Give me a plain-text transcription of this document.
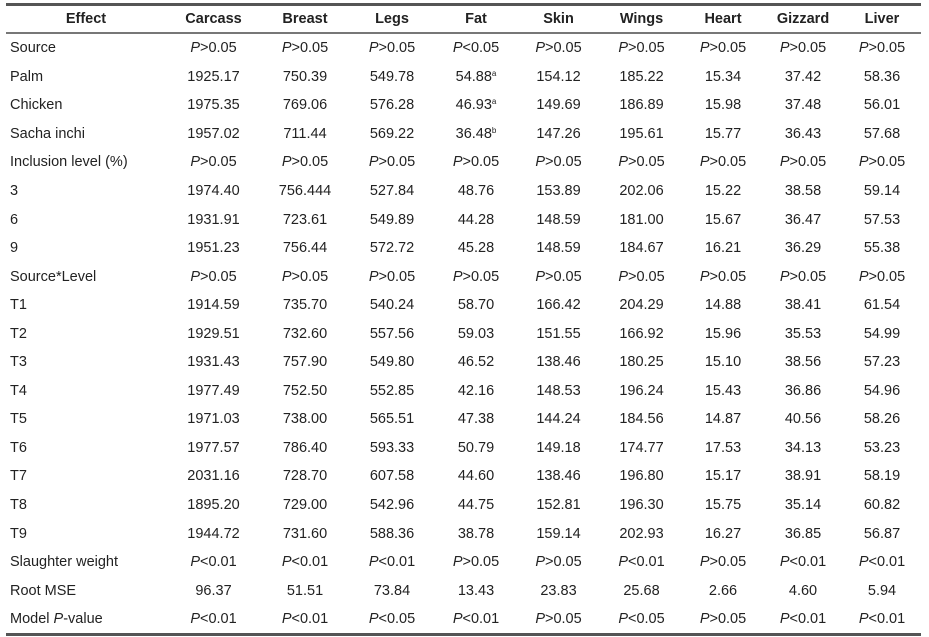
Effect	Carcass	Breast	Legs	Fat	Skin	Wings	Heart	Gizzard	Liver
Source	P>0.05	P>0.05	P>0.05	P<0.05	P>0.05	P>0.05	P>0.05	P>0.05	P>0.05
Palm	1925.17	750.39	549.78	54.88$^a$	154.12	185.22	15.34	37.42	58.36
Chicken	1975.35	769.06	576.28	46.93$^a$	149.69	186.89	15.98	37.48	56.01
Sacha inchi	1957.02	711.44	569.22	36.48$^b$	147.26	195.61	15.77	36.43	57.68
Inclusion level (%)	P>0.05	P>0.05	P>0.05	P>0.05	P>0.05	P>0.05	P>0.05	P>0.05	P>0.05
3	1974.40	756.444	527.84	48.76	153.89	202.06	15.22	38.58	59.14
6	1931.91	723.61	549.89	44.28	148.59	181.00	15.67	36.47	57.53
9	1951.23	756.44	572.72	45.28	148.59	184.67	16.21	36.29	55.38
Source*Level	P>0.05	P>0.05	P>0.05	P>0.05	P>0.05	P>0.05	P>0.05	P>0.05	P>0.05
T1	1914.59	735.70	540.24	58.70	166.42	204.29	14.88	38.41	61.54
T2	1929.51	732.60	557.56	59.03	151.55	166.92	15.96	35.53	54.99
T3	1931.43	757.90	549.80	46.52	138.46	180.25	15.10	38.56	57.23
T4	1977.49	752.50	552.85	42.16	148.53	196.24	15.43	36.86	54.96
T5	1971.03	738.00	565.51	47.38	144.24	184.56	14.87	40.56	58.26
T6	1977.57	786.40	593.33	50.79	149.18	174.77	17.53	34.13	53.23
T7	2031.16	728.70	607.58	44.60	138.46	196.80	15.17	38.91	58.19
T8	1895.20	729.00	542.96	44.75	152.81	196.30	15.75	35.14	60.82
T9	1944.72	731.60	588.36	38.78	159.14	202.93	16.27	36.85	56.87
Slaughter weight	P<0.01	P<0.01	P<0.01	P>0.05	P>0.05	P<0.01	P>0.05	P<0.01	P<0.01
Root MSE	96.37	51.51	73.84	13.43	23.83	25.68	2.66	4.60	5.94
Model P-value	P<0.01	P<0.01	P<0.05	P<0.01	P>0.05	P<0.05	P>0.05	P<0.01	P<0.01
